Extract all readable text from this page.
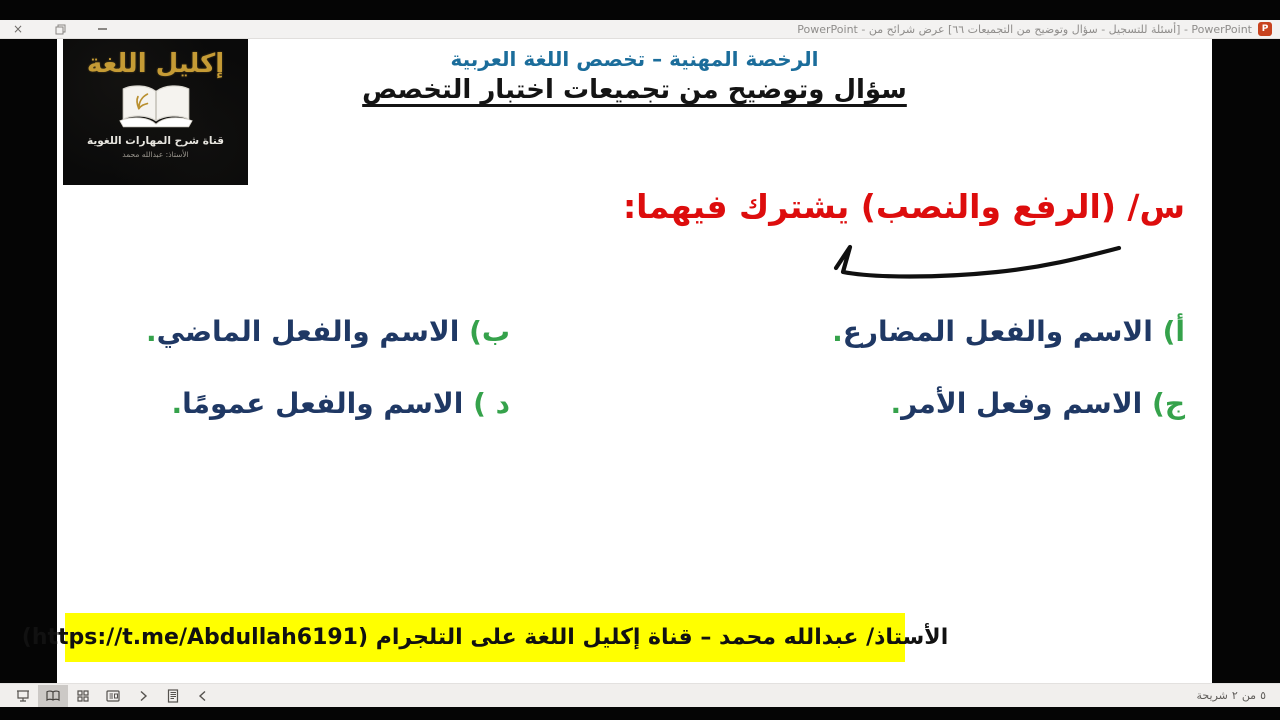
×	PowerPoint - [أسئلة للتسجيل - سؤال وتوضيح من التجميعات ٦٦] عرض شرائح من - PowerPoint	P
إكليل اللغة
قناة شرح المهارات اللغوية
الأستاذ: عبدالله محمد
الرخصة المهنية – تخصص اللغة العربية
سؤال وتوضيح من تجميعات اختبار التخصص
س/ (الرفع والنصب) يشترك فيهما:
أ) الاسم والفعل المضارع.
ب) الاسم والفعل الماضي.
ج) الاسم وفعل الأمر.
د ) الاسم والفعل عمومًا.
الأستاذ/ عبدالله محمد – قناة إكليل اللغة على التلجرام (https://t.me/Abdullah6191)
شريحة ٢ من ٥
